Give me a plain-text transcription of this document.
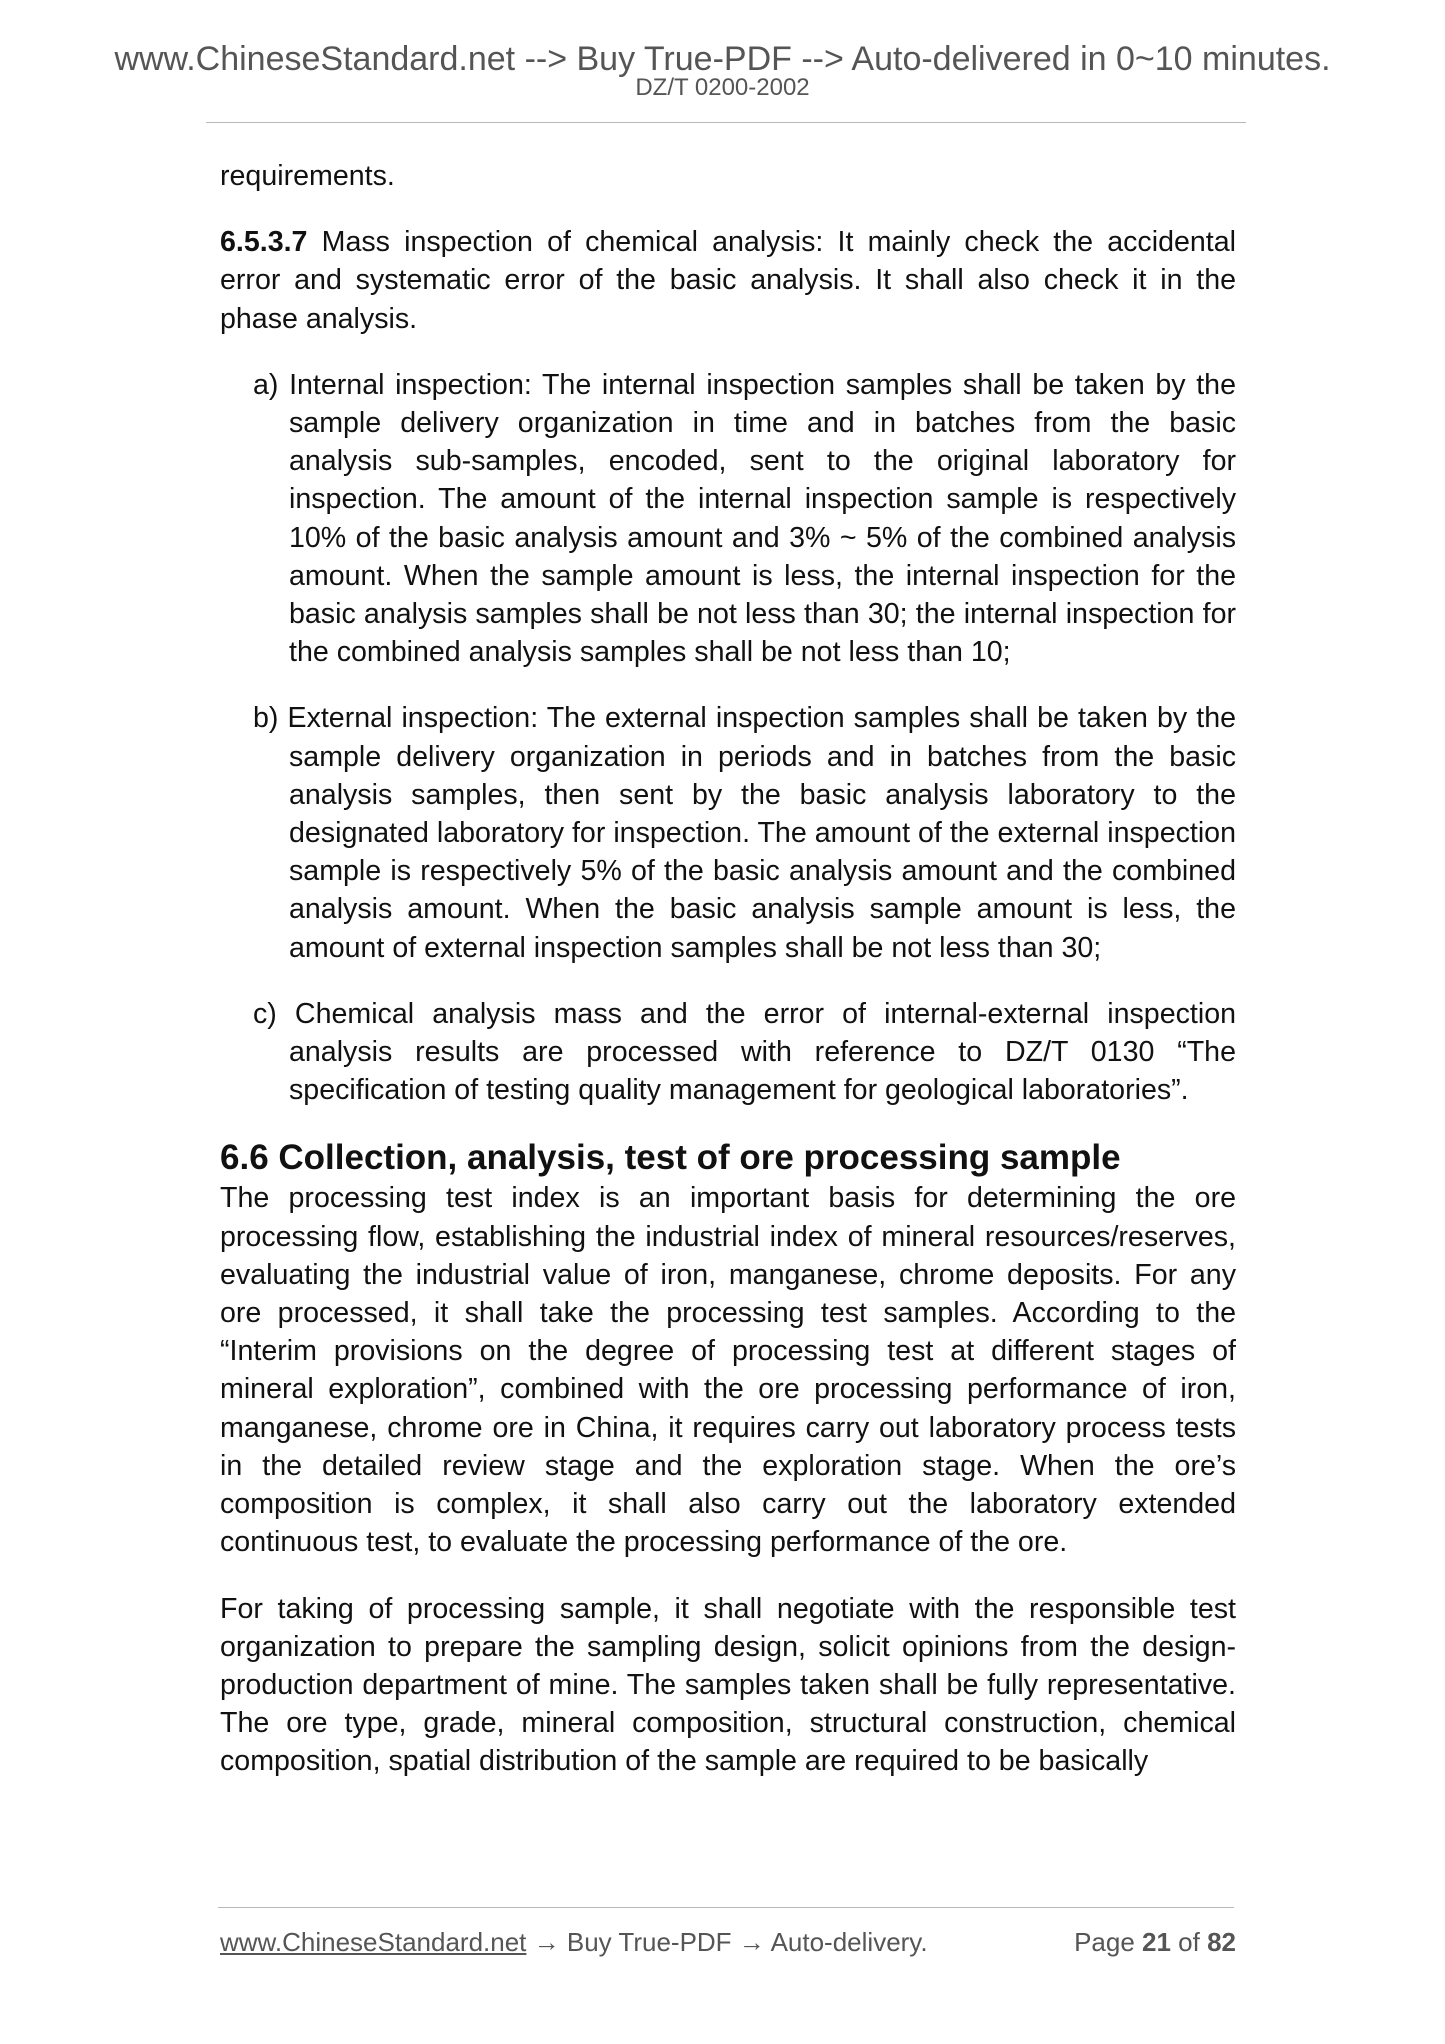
www.ChineseStandard.net --> Buy True-PDF --> Auto-delivered in 0~10 minutes.
DZ/T 0200-2002

requirements.

6.5.3.7 Mass inspection of chemical analysis: It mainly check the accidental error and systematic error of the basic analysis. It shall also check it in the phase analysis.

a) Internal inspection: The internal inspection samples shall be taken by the sample delivery organization in time and in batches from the basic analysis sub-samples, encoded, sent to the original laboratory for inspection. The amount of the internal inspection sample is respectively 10% of the basic analysis amount and 3% ~ 5% of the combined analysis amount. When the sample amount is less, the internal inspection for the basic analysis samples shall be not less than 30; the internal inspection for the combined analysis samples shall be not less than 10;

b) External inspection: The external inspection samples shall be taken by the sample delivery organization in periods and in batches from the basic analysis samples, then sent by the basic analysis laboratory to the designated laboratory for inspection. The amount of the external inspection sample is respectively 5% of the basic analysis amount and the combined analysis amount. When the basic analysis sample amount is less, the amount of external inspection samples shall be not less than 30;

c) Chemical analysis mass and the error of internal-external inspection analysis results are processed with reference to DZ/T 0130 “The specification of testing quality management for geological laboratories”.

6.6 Collection, analysis, test of ore processing sample

The processing test index is an important basis for determining the ore processing flow, establishing the industrial index of mineral resources/reserves, evaluating the industrial value of iron, manganese, chrome deposits. For any ore processed, it shall take the processing test samples. According to the “Interim provisions on the degree of processing test at different stages of mineral exploration”, combined with the ore processing performance of iron, manganese, chrome ore in China, it requires carry out laboratory process tests in the detailed review stage and the exploration stage. When the ore’s composition is complex, it shall also carry out the laboratory extended continuous test, to evaluate the processing performance of the ore.

For taking of processing sample, it shall negotiate with the responsible test organization to prepare the sampling design, solicit opinions from the design-production department of mine. The samples taken shall be fully representative. The ore type, grade, mineral composition, structural construction, chemical composition, spatial distribution of the sample are required to be basically

www.ChineseStandard.net → Buy True-PDF → Auto-delivery.	Page 21 of 82
